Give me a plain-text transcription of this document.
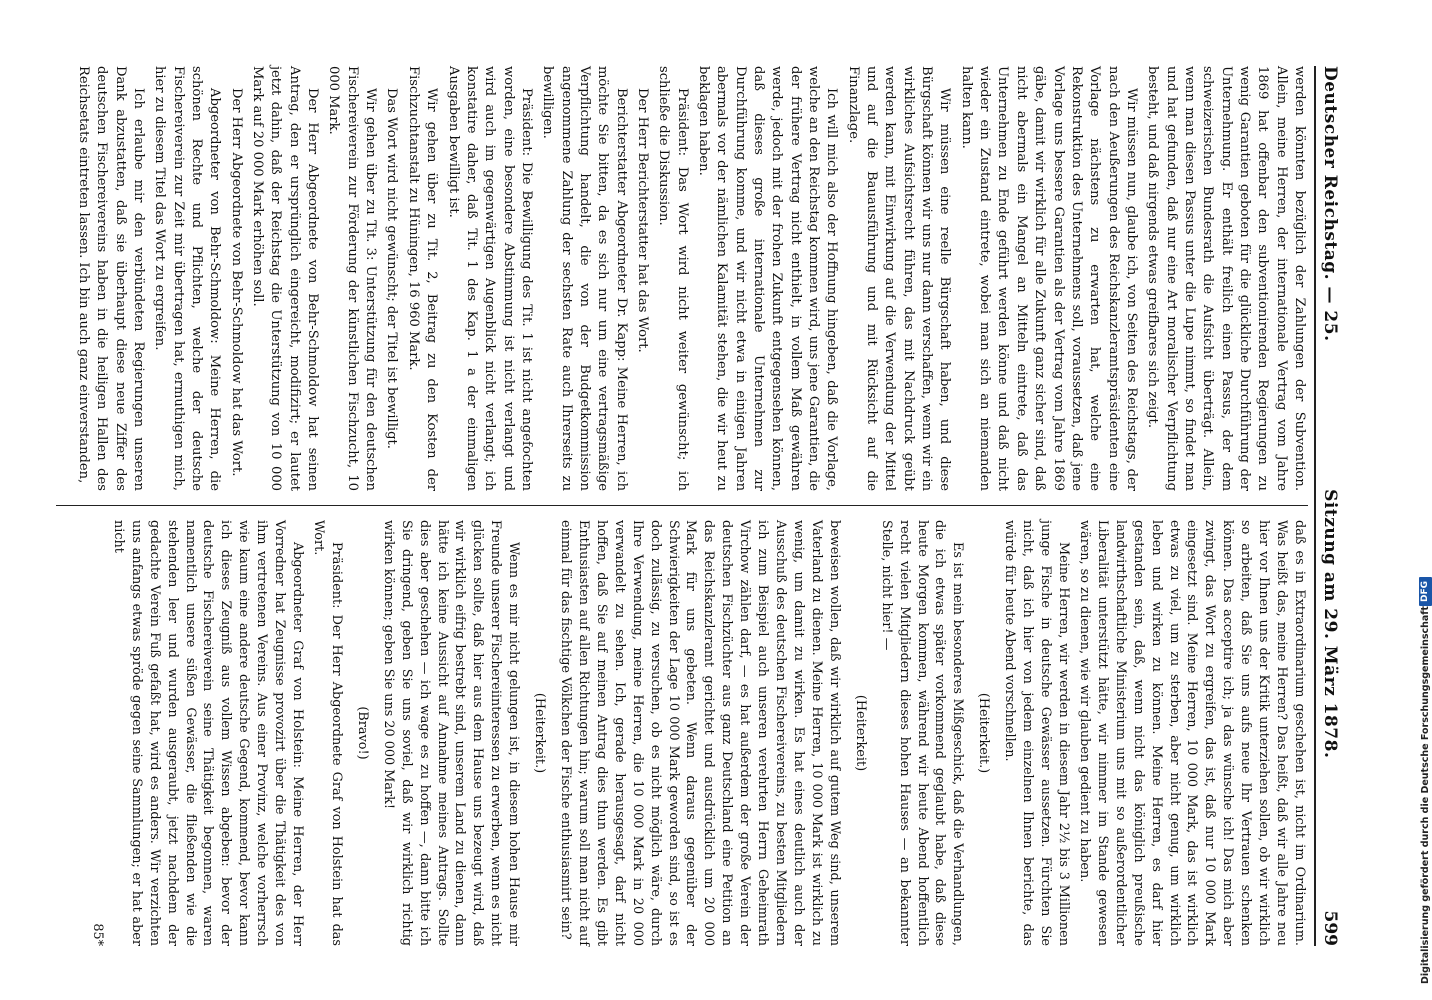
Deutscher Reichstag. — 25.
Sitzung am 29. März 1878.
599

werden könnten bezüglich der Zahlungen der Subvention. Allein, meine Herren, der internationale Vertrag vom Jahre 1869 hat offenbar den subventionirenden Regierungen zu wenig Garantien geboten für die glückliche Durchführung der Unternehmung. Er enthält freilich einen Passus, der dem schweizerischen Bundesrath die Aufsicht überträgt. Allein, wenn man diesen Passus unter die Lupe nimmt, so findet man und hat gefunden, daß nur eine Art moralischer Verpflichtung besteht, und daß nirgends etwas greifbares sich zeigt.

Wir müssen nun, glaube ich, von Seiten des Reichstags, der nach den Aeußerungen des Reichskanzleramtspräsidenten eine Vorlage nächstens zu erwarten hat, welche eine Rekonstruktion des Unternehmens soll, voraussetzen, daß jene Vorlage uns bessere Garantien als der Vertrag vom Jahre 1869 gäbe, damit wir wirklich für alle Zukunft ganz sicher sind, daß nicht abermals ein Mangel an Mitteln eintrete, daß das Unternehmen zu Ende geführt werden könne und daß nicht wieder ein Zustand eintrete, wobei man sich an niemanden halten kann.

Wir müssen eine reelle Bürgschaft haben, und diese Bürgschaft können wir uns nur dann verschaffen, wenn wir ein wirkliches Aufsichtsrecht führen, das mit Nachdruck geübt werden kann, mit Einwirkung auf die Verwendung der Mittel und auf die Bauausführung und mit Rücksicht auf die Finanzlage.

Ich will mich also der Hoffnung hingeben, daß die Vorlage, welche an den Reichstag kommen wird, uns jene Garantien, die der frühere Vertrag nicht enthielt, in vollem Maß gewähren werde, jedoch mit der frohen Zukunft entgegensehen können, daß dieses große internationale Unternehmen zur Durchführung komme, und wir nicht etwa in einigen Jahren abermals vor der nämlichen Kalamität stehen, die wir heut zu beklagen haben.

Präsident: Das Wort wird nicht weiter gewünscht; ich schließe die Diskussion.

Der Herr Berichterstatter hat das Wort.

Berichterstatter Abgeordneter Dr. Kapp: Meine Herren, ich möchte Sie bitten, da es sich nur um eine vertragsmäßige Verpflichtung handelt, die von der Budgetkommission angenommene Zahlung der sechsten Rate auch Ihrerseits zu bewilligen.

Präsident: Die Bewilligung des Tit. 1 ist nicht angefochten worden, eine besondere Abstimmung ist nicht verlangt und wird auch im gegenwärtigen Augenblick nicht verlangt; ich konstatire daher, daß Tit. 1 des Kap. 1 a der einmaligen Ausgaben bewilligt ist.

Wir gehen über zu Tit. 2, Beitrag zu den Kosten der Fischzuchtanstalt zu Hüningen, 16 960 Mark.

Das Wort wird nicht gewünscht; der Titel ist bewilligt.

Wir gehen über zu Tit. 3: Unterstützung für den deutschen Fischereiverein zur Förderung der künstlichen Fischzucht, 10 000 Mark.

Der Herr Abgeordnete von Behr-Schmoldow hat seinen Antrag, den er ursprünglich eingereicht, modifizirt; er lautet jetzt dahin, daß der Reichstag die Unterstützung von 10 000 Mark auf 20 000 Mark erhöhen soll.

Der Herr Abgeordnete von Behr-Schmoldow hat das Wort.

Abgeordneter von Behr-Schmoldow: Meine Herren, die schönen Rechte und Pflichten, welche der deutsche Fischereiverein zur Zeit mir übertragen hat, ermuthigen mich, hier zu diesem Titel das Wort zu ergreifen.

Ich erlaube mir den verbündeten Regierungen unseren Dank abzustatten, daß sie überhaupt diese neue Ziffer des deutschen Fischereivereins haben in die heiligen Hallen des Reichsetats eintreten lassen. Ich bin auch ganz einverstanden,

daß es in Extraordinarium geschehen ist, nicht im Ordinarium. Was heißt das, meine Herren? Das heißt, daß wir alle Jahre neu hier vor Ihnen uns der Kritik unterziehen sollen, ob wir wirklich so arbeiten, daß Sie uns aufs neue Ihr Vertrauen schenken können. Das acceptire ich; ja das wünsche ich! Das mich aber zwingt, das Wort zu ergreifen, das ist, daß nur 10 000 Mark eingesetzt sind. Meine Herren, 10 000 Mark, das ist wirklich etwas zu viel, um zu sterben, aber nicht genug, um wirklich leben und wirken zu können. Meine Herren, es darf hier gestanden sein, daß, wenn nicht das königlich preußische landwirthschaftliche Ministerium uns mit so außerordentlicher Liberalität unterstützt hätte, wir nimmer im Stande gewesen wären, so zu dienen, wie wir glauben gedient zu haben.

Meine Herren, wir werden in diesem Jahr 2½ bis 3 Millionen junge Fische in deutsche Gewässer aussetzen. Fürchten Sie nicht, daß ich hier von jedem einzelnen Ihnen berichte, das würde für heute Abend vorschnellen.

(Heiterkeit.)

Es ist mein besonderes Mißgeschick, daß die Verhandlungen, die ich etwas später vorkommend geglaubt habe, daß diese heute Morgen kommen, während wir heute Abend hoffentlich recht vielen Mitgliedern dieses hohen Hauses — an bekannter Stelle, nicht hier! —

(Heiterkeit)

beweisen wollen, daß wir wirklich auf gutem Weg sind, unserem Vaterland zu dienen. Meine Herren, 10 000 Mark ist wirklich zu wenig, um damit zu wirken. Es hat eines deutlich auch der Ausschuß des deutschen Fischereivereins, zu besten Mitgliedern ich zum Beispiel auch unseren verehrten Herrn Geheimrath Virchow zählen darf, — es hat außerdem der große Verein der deutschen Fischzüchter aus ganz Deutschland eine Petition an das Reichskanzleramt gerichtet und ausdrücklich um 20 000 Mark für uns gebeten. Wenn daraus gegenüber der Schwierigkeiten der Lage 10 000 Mark geworden sind, so ist es doch zulässig, zu versuchen, ob es nicht möglich wäre, durch Ihre Verwendung, meine Herren, die 10 000 Mark in 20 000 verwandelt zu sehen. Ich, gerade herausgesagt, darf nicht hoffen, daß Sie auf meinen Antrag dies thun werden. Es gibt Enthusiasten auf allen Richtungen hin; warum soll man nicht auf einmal für das fischtige Völkchen der Fische enthusiasmirt sein?

(Heiterkeit.)

Wenn es mir nicht gelungen ist, in diesem hohen Hause mir Freunde unserer Fischereiinteressen zu erwerben, wenn es nicht glücken sollte, daß hier aus dem Hause uns bezeugt wird, daß wir wirklich eifrig bestrebt sind, unserem Land zu dienen, dann hätte ich keine Aussicht auf Annahme meines Antrags. Sollte dies aber geschehen — ich wage es zu hoffen —, dann bitte ich Sie dringend, geben Sie uns soviel, daß wir wirklich richtig wirken können; geben Sie uns 20 000 Mark!

(Bravo!)

Präsident: Der Herr Abgeordnete Graf von Holstein hat das Wort.

Abgeordneter Graf von Holstein: Meine Herren, der Herr Vorredner hat Zeugnisse provozirt über die Thätigkeit des von ihm vertretenen Vereins. Aus einer Provinz, welche vorherrsch wie kaum eine andere deutsche Gegend, kommend, bevor kann ich dieses Zeugniß aus vollem Wissen abgeben: bevor der deutsche Fischereiverein seine Thätigkeit begonnen, waren namentlich unsere süßen Gewässer, die fließenden wie die stehenden leer und wurden ausgeraubt, jetzt nachdem der gedachte Verein Fuß gefaßt hat, wird es anders. Wir verzichten uns anfangs etwas spröde gegen seine Sammlungen; er hat aber nicht

85*	Digitalisierung gefördert durch die Deutsche Forschungsgemeinschaft
DFG
